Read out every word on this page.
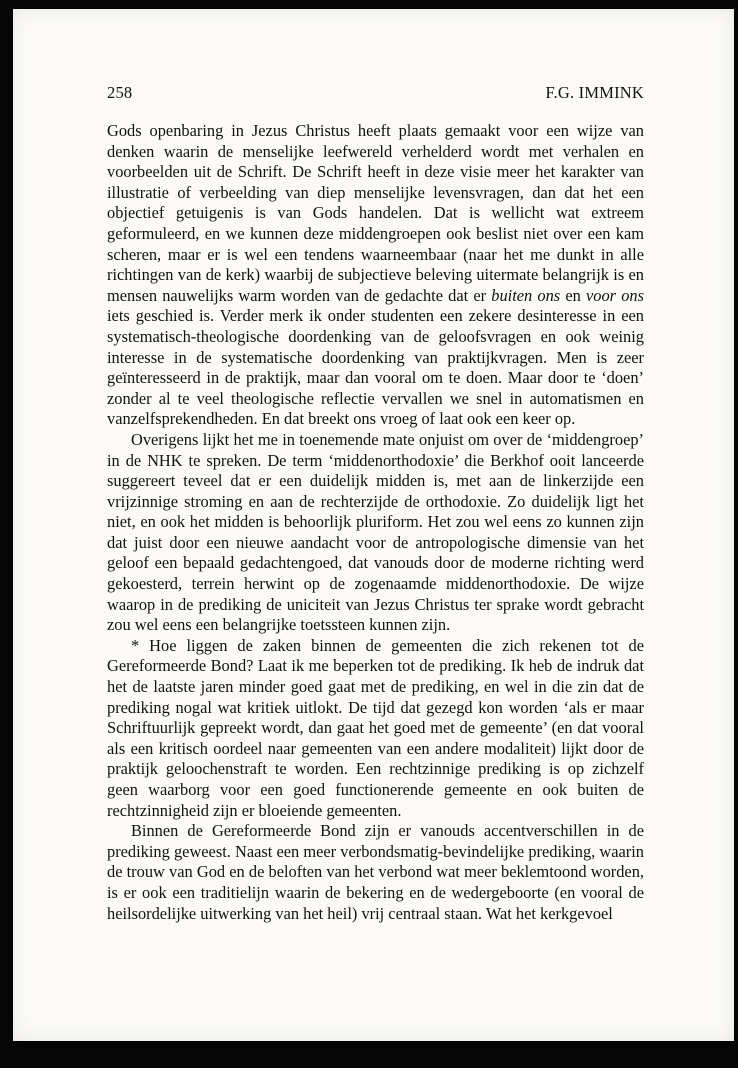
258	F.G. IMMINK

Gods openbaring in Jezus Christus heeft plaats gemaakt voor een wijze van denken waarin de menselijke leefwereld verhelderd wordt met verhalen en voorbeelden uit de Schrift. De Schrift heeft in deze visie meer het karakter van illustratie of verbeelding van diep menselijke levensvragen, dan dat het een objectief getuigenis is van Gods handelen. Dat is wellicht wat extreem geformuleerd, en we kunnen deze middengroepen ook beslist niet over een kam scheren, maar er is wel een tendens waarneembaar (naar het me dunkt in alle richtingen van de kerk) waarbij de subjectieve beleving uitermate belangrijk is en mensen nauwelijks warm worden van de gedachte dat er buiten ons en voor ons iets geschied is. Verder merk ik onder studenten een zekere desinteresse in een systematisch-theologische doordenking van de geloofsvragen en ook weinig interesse in de systematische doordenking van praktijkvragen. Men is zeer geïnteresseerd in de praktijk, maar dan vooral om te doen. Maar door te ‘doen’ zonder al te veel theologische reflectie vervallen we snel in automatismen en vanzelfsprekendheden. En dat breekt ons vroeg of laat ook een keer op.

Overigens lijkt het me in toenemende mate onjuist om over de ‘middengroep’ in de NHK te spreken. De term ‘middenorthodoxie’ die Berkhof ooit lanceerde suggereert teveel dat er een duidelijk midden is, met aan de linkerzijde een vrijzinnige stroming en aan de rechterzijde de orthodoxie. Zo duidelijk ligt het niet, en ook het midden is behoorlijk pluriform. Het zou wel eens zo kunnen zijn dat juist door een nieuwe aandacht voor de antropologische dimensie van het geloof een bepaald gedachtengoed, dat vanouds door de moderne richting werd gekoesterd, terrein herwint op de zogenaamde middenorthodoxie. De wijze waarop in de prediking de uniciteit van Jezus Christus ter sprake wordt gebracht zou wel eens een belangrijke toetssteen kunnen zijn.

* Hoe liggen de zaken binnen de gemeenten die zich rekenen tot de Gereformeerde Bond? Laat ik me beperken tot de prediking. Ik heb de indruk dat het de laatste jaren minder goed gaat met de prediking, en wel in die zin dat de prediking nogal wat kritiek uitlokt. De tijd dat gezegd kon worden ‘als er maar Schriftuurlijk gepreekt wordt, dan gaat het goed met de gemeente’ (en dat vooral als een kritisch oordeel naar gemeenten van een andere modaliteit) lijkt door de praktijk geloochenstraft te worden. Een rechtzinnige prediking is op zichzelf geen waarborg voor een goed functionerende gemeente en ook buiten de rechtzinnigheid zijn er bloeiende gemeenten.

Binnen de Gereformeerde Bond zijn er vanouds accentverschillen in de prediking geweest. Naast een meer verbondsmatig-bevindelijke prediking, waarin de trouw van God en de beloften van het verbond wat meer beklemtoond worden, is er ook een traditielijn waarin de bekering en de wedergeboorte (en vooral de heilsordelijke uitwerking van het heil) vrij centraal staan. Wat het kerkgevoel
